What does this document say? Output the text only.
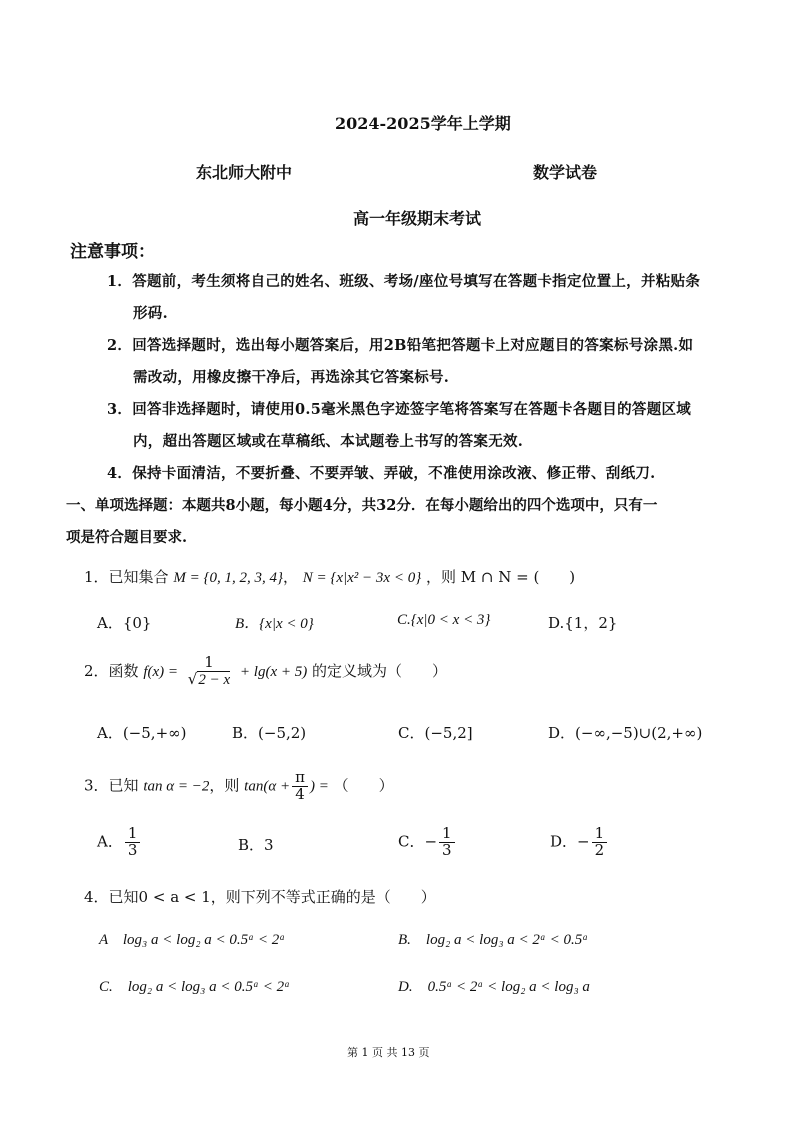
2024-2025学年上学期
东北师大附中	数学试卷
高一年级期末考试
注意事项：
1．答题前，考生须将自己的姓名、班级、考场/座位号填写在答题卡指定位置上，并粘贴条
形码.
2．回答选择题时，选出每小题答案后，用2B铅笔把答题卡上对应题目的答案标号涂黑.如
需改动，用橡皮擦干净后，再选涂其它答案标号.
3．回答非选择题时，请使用0.5毫米黑色字迹签字笔将答案写在答题卡各题目的答题区域
内，超出答题区域或在草稿纸、本试题卷上书写的答案无效.
4．保持卡面清洁，不要折叠、不要弄皱、弄破，不准使用涂改液、修正带、刮纸刀.
一、单项选择题：本题共8小题，每小题4分，共32分．在每小题给出的四个选项中，只有一
项是符合题目要求.
1．已知集合 M = {0, 1, 2, 3, 4}， N = {x|x² − 3x < 0} ，则 M ∩ N = (　　)
A．{0}	B．{x|x < 0}	C.{x|0 < x < 3}	D.{1，2}
2．函数 $f(x) = \frac{1}{√2 - x} + \lg(x + 5)$ 的定义域为（　　）
A．(−5,+∞)	B．(−5,2)	C．(−5,2]	D．(−∞,−5)∪(2,+∞)
3．已知 tan α = −2，则 $\tan(\alpha + \frac{\pi}{4}$ ) = （　　）
A． $\frac{1}{3}$	B．3	C．− $\frac{1}{3}$	D．− $\frac{1}{2}$
4．已知0 < a < 1，则下列不等式正确的是（　　）
A　log₃ a < log₂ a < 0.5ᵃ < 2ᵃ	B.　log₂ a < log₃ a < 2ᵃ < 0.5ᵃ
C.　log₂ a < log₃ a < 0.5ᵃ < 2ᵃ	D.　0.5ᵃ < 2ᵃ < log₂ a < log₃ a
第 1 页 共 13 页
